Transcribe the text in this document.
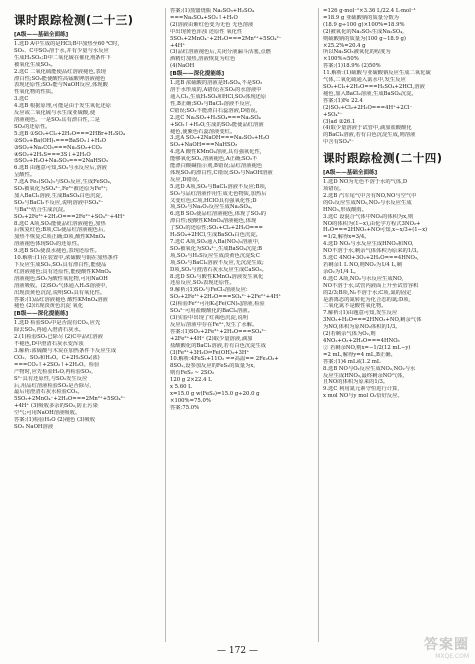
课时跟踪检测(二十三)
[A级——基础全面练]
1.选D A中生成的是HCl;B中加热至60 ℃时,
SO₂、C中SO₂溶于水,并有少量与水反应
生成H₂SO₃;D中二氧化硫在催化剂条件下
被氧化生成SO₃。
2.选C 二氧化硫能使品红溶液褪色,表现
漂白性;SO₂能使酸性高锰酸钾溶液褪色
表现还原性;SO₂能与NaOH反应,体现酸
性氧化物的性质。
3.选C
4.选B 根据原理,可能是由于发生氧化还原
反应或二氧化硫与水生成亚硫酸,使
溶液褪色。一是SO₂具有漂白性,二是
SO₂的还原性。
5.选B ①SO₂+Cl₂+2H₂O===2HBr+H₂SO₄
②SO₂+Ba(OH)₂===BaSO₃↓+H₂O
③SO₂+Na₂CO₃===Na₂SO₃+CO₂
④SO₂+2H₂S===3S↓+2H₂O
⑤SO₂+H₂O+Na₂SO₃===2NaHSO₃
6.选B 由题意可知,SO₂与水反应后,溶液
呈酸性。
7.选A Fe₂(SO₄)₃与SO₂反应,生成FeSO₄,
SO₂被氧化为SO₄²⁻,Fe³⁺被还原为Fe²⁺;
加入BaCl₂溶液,生成BaSO₄白色沉淀,
SO₂与BaCl₂不反应,说明溶液中SO₄²⁻
与Ba²⁺结合生成沉淀。
SO₂+2Fe³⁺+2H₂O===2Fe²⁺+SO₄²⁻+4H⁺
8.选C A项,SO₂能使品红溶液褪色,加热
后恢复红色;B项,Cl₂使品红溶液褪色后,
加热不恢复;C项正确;D项,酸性KMnO₄
溶液褪色体现SO₂的还原性。
9.选B SO₂使溴水褪色,表现还原性。
10.解析:(1)在装置中,浓硫酸与铜在加热条件
下反应生成SO₂,SO₂具有漂白性,能使品
红溶液褪色;具有还原性,能使酸性KMnO₄
溶液褪色;SO₂为酸性氧化物,可用NaOH
溶液吸收。(2)SO₂气体通入H₂S溶液中,
出现淡黄色沉淀,说明SO₂具有氧化性。
答案:(1)品红溶液褪色 酸性KMnO₄溶液
褪色 (2)出现淡黄色沉淀 氧化
[B级——深化提能练]
1.选D 检验SO₂中是否混有CO₂,应先
除去SO₂,再通入澄清石灰水。
2.(1)检验SO₂已除尽 (2)C中品红溶液
不褪色,D中澄清石灰水变浑浊
3.解析:浓硫酸与木炭在加热条件下反应生成
CO₂、SO₂和H₂O。C+2H₂SO₄(浓)
===CO₂↑+2SO₂↑+2H₂O。检验
产物时,应先检验H₂O,再检验SO₂,
S²⁻具有还原性,与SO₂发生反应
后,用品红溶液检验SO₂是否除尽,
最后用澄清石灰水检验CO₂。
5SO₂+2MnO₄⁻+2H₂O===2Mn²⁺+5SO₄²⁻
+4H⁺ (3)吸收多余的SO₂,防止污染
空气;可用NaOH溶液吸收。
答案:(1)检验H₂O (2)褪色 (3)吸收
SO₂ NaOH溶液
答案:(1)蒸馏烧瓶 Na₂SO₃+H₂SO₄
===Na₂SO₄+SO₂↑+H₂O
(2)溶液由紫红色变为无色 无色溶液
中出现黄色浑浊 还原性 氧化性
5SO₂+2MnO₄⁻+2H₂O===2Mn²⁺+5SO₄²⁻
+4H⁺
(3)品红溶液褪色后,关闭分液漏斗活塞,点燃
酒精灯加热,溶液恢复为红色
(4)NaOH
[B级——深化提能练]
1.选B 浓硫酸的溶液是H₂SO₄,不是SO₂
溶于水形成的,A错误;在SO₂的水溶液中
通入Cl₂,生成H₂SO₄和HCl,SO₂体现还原
性,B正确;SO₂与BaCl₂溶液不反应,
C错误;SO₂不能漂白石蕊溶液,D错误。
2.选C Na₂SO₃+H₂SO₄===Na₂SO₄
+SO₂↑+H₂O,生成的SO₂能使品红溶液
褪色,使紫色石蕊溶液变红。
3.选A SO₂+2NaOH===Na₂SO₃+H₂O
SO₂+NaOH===NaHSO₃
4.选A 酸性KMnO₄溶液,具有强氧化性,
能够氧化SO₂,溶液褪色,A正确;SO₂不
能漂白酸碱指示剂,B错误;品红溶液褪色
体现SO₂的漂白性,C错误;SO₂与NaOH溶液
反应,D错误。
5.选D A项,SO₂与BaCl₂溶液不反应;B项,
SO₂与品红溶液作用生成无色物质,加热后
又变红色;C项,HClO具有强氧化性;D
项,SO₂与Na₂O₂反应生成Na₂SO₄。
6.选B SO₂使品红溶液褪色,体现了SO₂的
漂白性;使酸性KMnO₄溶液褪色,体现
了SO₂的还原性;SO₂+Cl₂+2H₂O===
H₂SO₄+2HCl,生成BaSO₄白色沉淀。
7.选C A项,SO₂通入Ba(NO₃)₂溶液中,
SO₂被氧化为SO₄²⁻,生成BaSO₄沉淀;B
项,SO₂与H₂S反应生成淡黄色沉淀S;C
项,SO₂与BaCl₂溶液不反应,无沉淀生成;
D项,SO₂与澄清石灰水反应生成CaSO₃。
8.选D SO₂与酸性KMnO₄溶液发生氧化
还原反应,SO₂表现还原性。
9.解析:(1)SO₂与FeCl₃溶液反应:
SO₂+2Fe³⁺+2H₂O===SO₄²⁻+2Fe²⁺+4H⁺
(2)检验Fe²⁺可用K₃[Fe(CN)₆]溶液,检验
SO₄²⁻可用盐酸酸化的BaCl₂溶液。
(3)实验中出现了红褐色沉淀,说明
反应后溶液中存在Fe³⁺,发生了水解。
答案:(1)SO₂+2Fe³⁺+2H₂O===SO₄²⁻
+2Fe²⁺+4H⁺ (2)取少量溶液,滴加
盐酸酸化的BaCl₂溶液,若有白色沉淀生成
(3)Fe³⁺+3H₂O⇌Fe(OH)₃+3H⁺
10.解析:4FeS₂+11O₂ ==高温== 2Fe₂O₃+
8SO₂,设参加反应的FeS₂的质量为x,
则有FeS₂ ~ 2SO₂
120 g 2×22.4 L
x 5.60 L
x=15.0 g w(FeS₂)=15.0 g÷20.0 g
×100%=75.0%
答案:75.0%
=126 g·mol⁻¹×3.36 L/22.4 L·mol⁻¹
=18.9 g 亚硫酸钠的质量分数为
(18.9 g÷100 g)×100%=18.9%
(2)被氧化的Na₂SO₃生成Na₂SO₄,
则硫酸钠的质量为(100 g−18.9 g)
×25.2%=20.4 g
所以Na₂SO₃被氧化的程度为
×100%≈50%
答案:(1)18.9% (2)50%
11.解析:(1)硫酸与亚硫酸钠反应生成二氧化硫
气体,二氧化硫通入氯水中,发生反应
SO₂+Cl₂+2H₂O===H₂SO₄+2HCl,溶液
褪色,加入BaCl₂溶液,生成BaSO₄沉淀。
答案:(1)Fe 22.4
(2)SO₂+Cl₂+2H₂O===4H⁺+2Cl⁻
+SO₄²⁻
(3)ad ②26.1
(4)取少量溶液于试管中,滴加盐酸酸化
的BaCl₂溶液,若有白色沉淀生成,则溶液
中含有SO₄²⁻
课时跟踪检测(二十四)
[A级——基础全面练]
1.选D NO为无色不溶于水的气体,D
项错误。
2.选B 汽车尾气中含有NO,NO与空气中
的O₂反应生成NO₂,NO₂与水反应生成
HNO₃,形成酸雨。
3.选C 设混合气体中NO₂的体积为x,则
NO的体积为(1−x),由化学方程式3NO₂+
H₂O===2HNO₃+NO可知,x−x/3+(1−x)
=1/2,解得x=3/4。
4.选D NO₂与水反应生成HNO₃和NO,
NO不溶于水,剩余气体体积为原来的1/3。
5.选C 4NO+3O₂+2H₂O===4HNO₃,
若剩余1 L NO,则NO₂为1/4 L,剩
余O₂为1/4 L。
6.选C A项,NO₂与水反应生成NO,
NO不溶于水,试管内液面上升至试管容积
的2/3;B项,N₂不溶于水;C项,氮的固定
是游离态的氮转化为化合态的氮;D项,
二氧化氮不是酸性氧化物。
7.解析:(1)由题意可知,发生反应
3NO₂+H₂O===2HNO₃+NO,剩余气体
为NO,体积为原NO₂体积的1/3。
(2)若剩余气体为O₂,则
4NO₂+O₂+2H₂O===4HNO₃
② 若剩余NO,则x=−1/2(12 mL−y)
=2 mL,解得y=4 mL,B正确。
答案:(1)4 mL或1.2 mL
8.选B NO与O₂反应生成NO₂,NO₂与水
反应生成HNO₃,最终剩余NO气体,
且NO的体积为原来的1/3。
9.选C 利用氮元素守恒进行计算,
x mol NO与y mol O₂恰好反应。
— 172 —	答案圈
MXQE.COM
